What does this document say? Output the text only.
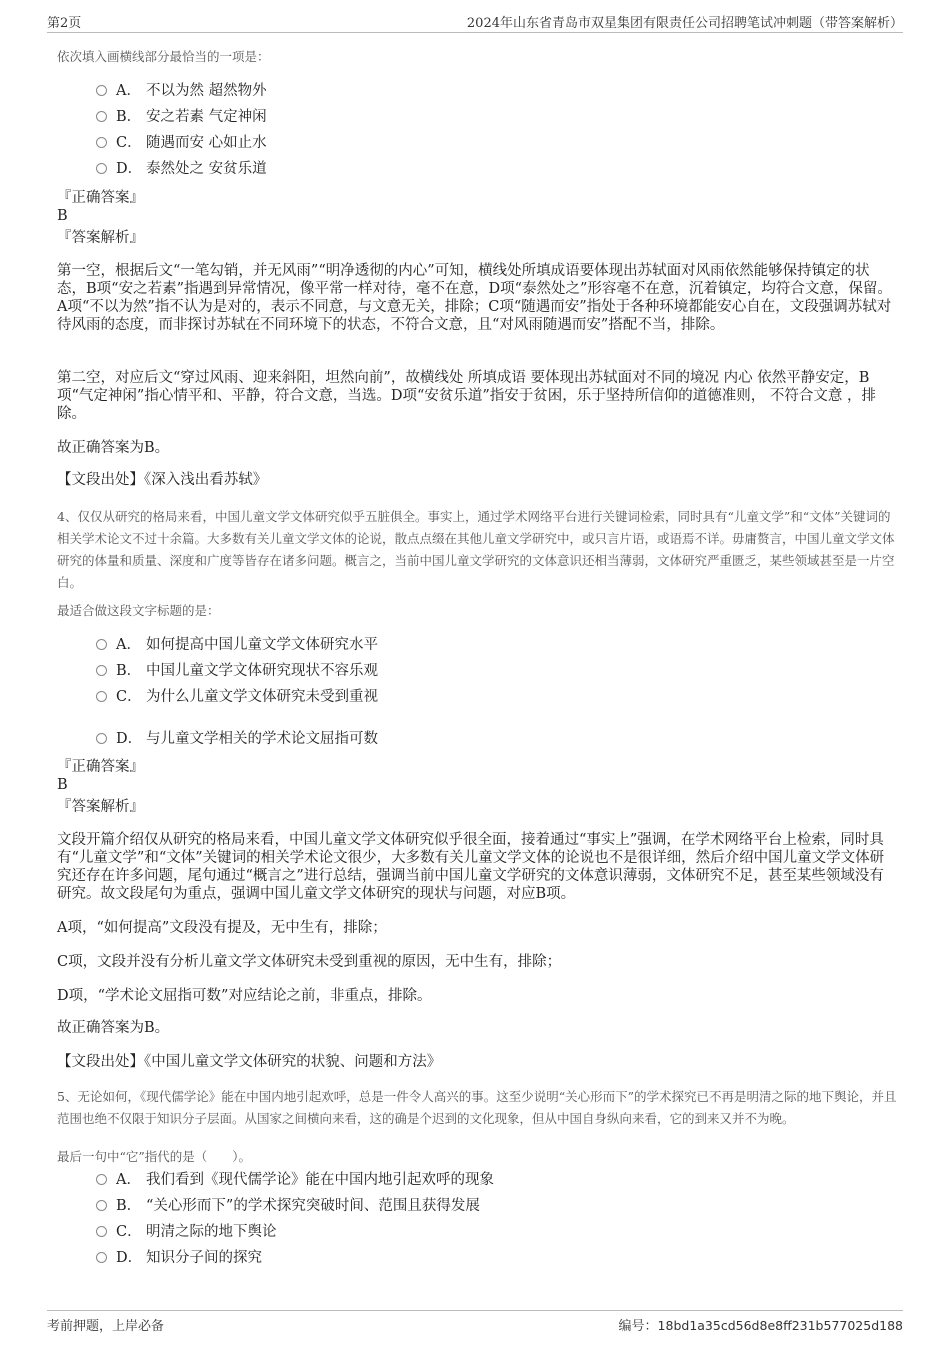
第2页	2024年山东省青岛市双星集团有限责任公司招聘笔试冲刺题（带答案解析）
依次填入画横线部分最恰当的一项是：
A． 不以为然 超然物外
B． 安之若素 气定神闲
C． 随遇而安 心如止水
D． 泰然处之 安贫乐道
『正确答案』
B
『答案解析』
第一空，根据后文“一笔勾销，并无风雨”“明净透彻的内心”可知，横线处所填成语要体现出苏轼面对风雨依然能够保持镇定的状态，B项“安之若素”指遇到异常情况，像平常一样对待，毫不在意，D项“泰然处之”形容毫不在意，沉着镇定，均符合文意，保留。A项“不以为然”指不认为是对的，表示不同意，与文意无关，排除；C项“随遇而安”指处于各种环境都能安心自在，文段强调苏轼对待风雨的态度，而非探讨苏轼在不同环境下的状态，不符合文意，且“对风雨随遇而安”搭配不当，排除。
第二空，对应后文“穿过风雨、迎来斜阳，坦然向前”，故横线处 所填成语 要体现出苏轼面对不同的境况 内心 依然平静安定，B项“气定神闲”指心情平和、平静，符合文意，当选。D项“安贫乐道”指安于贫困，乐于坚持所信仰的道德准则， 不符合文意 ，排除。
故正确答案为B。
【文段出处】《深入浅出看苏轼》
4、仅仅从研究的格局来看，中国儿童文学文体研究似乎五脏俱全。事实上，通过学术网络平台进行关键词检索，同时具有“儿童文学”和“文体”关键词的相关学术论文不过十余篇。大多数有关儿童文学文体的论说，散点点缀在其他儿童文学研究中，或只言片语，或语焉不详。毋庸赘言，中国儿童文学文体研究的体量和质量、深度和广度等皆存在诸多问题。概言之，当前中国儿童文学研究的文体意识还相当薄弱，文体研究严重匮乏，某些领域甚至是一片空白。
最适合做这段文字标题的是：
A． 如何提高中国儿童文学文体研究水平
B． 中国儿童文学文体研究现状不容乐观
C． 为什么儿童文学文体研究未受到重视
D． 与儿童文学相关的学术论文屈指可数
『正确答案』
B
『答案解析』
文段开篇介绍仅从研究的格局来看，中国儿童文学文体研究似乎很全面，接着通过“事实上”强调，在学术网络平台上检索，同时具有“儿童文学”和“文体”关键词的相关学术论文很少，大多数有关儿童文学文体的论说也不是很详细，然后介绍中国儿童文学文体研究还存在许多问题，尾句通过“概言之”进行总结，强调当前中国儿童文学研究的文体意识薄弱，文体研究不足，甚至某些领域没有研究。故文段尾句为重点，强调中国儿童文学文体研究的现状与问题，对应B项。
A项，“如何提高”文段没有提及，无中生有，排除；
C项，文段并没有分析儿童文学文体研究未受到重视的原因，无中生有，排除；
D项，“学术论文屈指可数”对应结论之前，非重点，排除。
故正确答案为B。
【文段出处】《中国儿童文学文体研究的状貌、问题和方法》
5、无论如何，《现代儒学论》能在中国内地引起欢呼，总是一件令人高兴的事。这至少说明“关心形而下”的学术探究已不再是明清之际的地下舆论，并且范围也绝不仅限于知识分子层面。从国家之间横向来看，这的确是个迟到的文化现象，但从中国自身纵向来看，它的到来又并不为晚。
最后一句中“它”指代的是（　　）。
A． 我们看到《现代儒学论》能在中国内地引起欢呼的现象
B． “关心形而下”的学术探究突破时间、范围且获得发展
C． 明清之际的地下舆论
D． 知识分子间的探究
考前押题，上岸必备	编号：18bd1a35cd56d8e8ff231b577025d188
